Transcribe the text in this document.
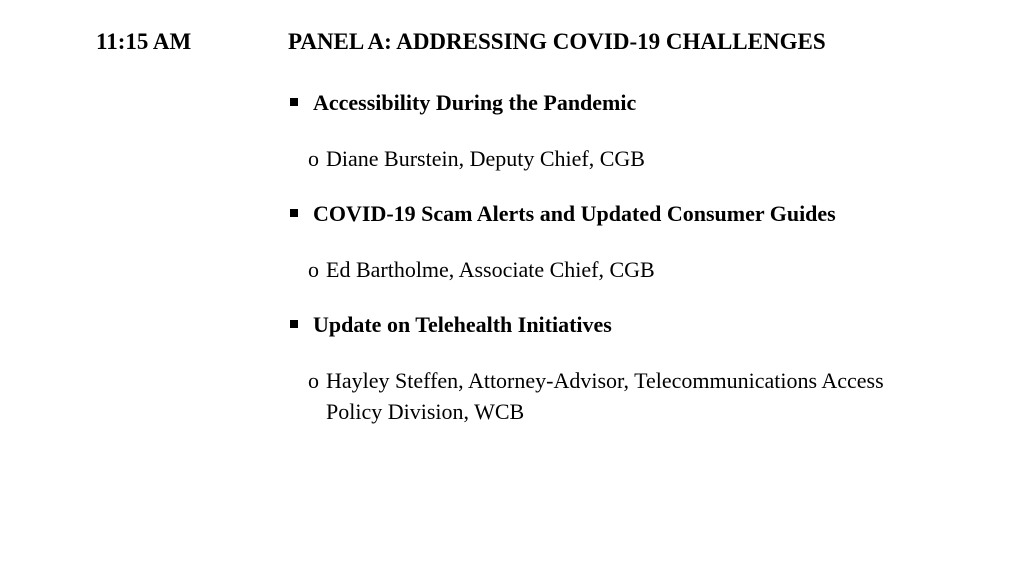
11:15 AM	PANEL A: ADDRESSING COVID-19 CHALLENGES
Accessibility During the Pandemic
o Diane Burstein, Deputy Chief, CGB
COVID-19 Scam Alerts and Updated Consumer Guides
o Ed Bartholme, Associate Chief, CGB
Update on Telehealth Initiatives
o Hayley Steffen, Attorney-Advisor, Telecommunications Access Policy Division, WCB
